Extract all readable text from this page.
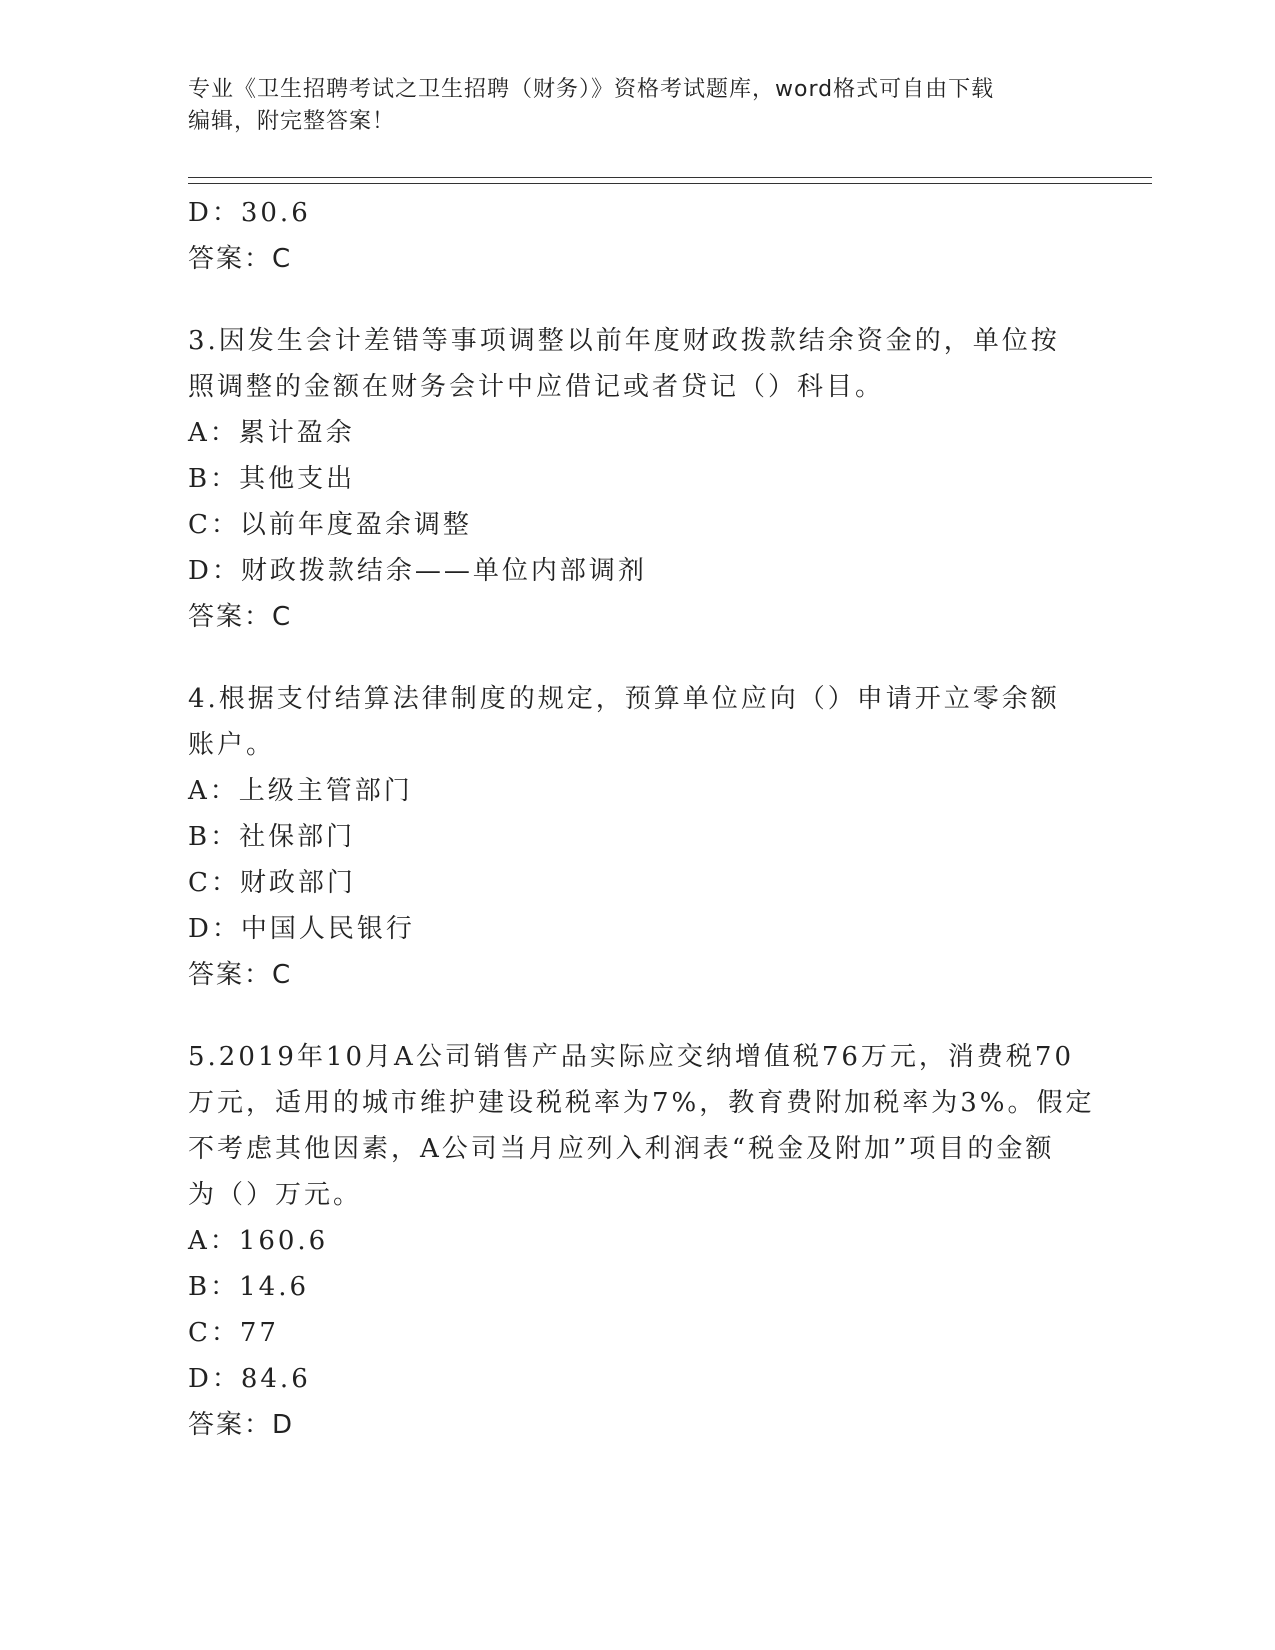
专业《卫生招聘考试之卫生招聘（财务）》资格考试题库，word格式可自由下载
编辑，附完整答案！
D：30.6
答案：C
3.因发生会计差错等事项调整以前年度财政拨款结余资金的，单位按
照调整的金额在财务会计中应借记或者贷记（）科目。
A：累计盈余
B：其他支出
C：以前年度盈余调整
D：财政拨款结余——单位内部调剂
答案：C
4.根据支付结算法律制度的规定，预算单位应向（）申请开立零余额
账户。
A：上级主管部门
B：社保部门
C：财政部门
D：中国人民银行
答案：C
5.2019年10月A公司销售产品实际应交纳增值税76万元，消费税70
万元，适用的城市维护建设税税率为7%，教育费附加税率为3%。假定
不考虑其他因素，A公司当月应列入利润表“税金及附加”项目的金额
为（）万元。
A：160.6
B：14.6
C：77
D：84.6
答案：D
